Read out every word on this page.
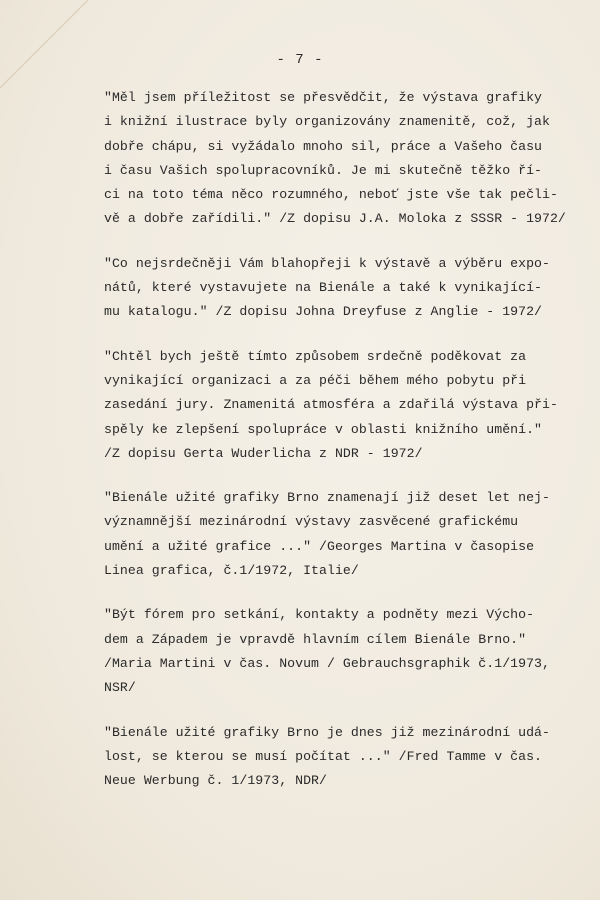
- 7 -
"Měl jsem příležitost se přesvědčit, že výstava grafiky
i knižní ilustrace byly organizovány znamenitě, což, jak
dobře chápu, si vyžádalo mnoho sil, práce a Vašeho času
i času Vašich spolupracovníků. Je mi skutečně těžko ří-
ci na toto téma něco rozumného, neboť jste vše tak pečli-
vě a dobře zařídili." /Z dopisu J.A. Moloka z SSSR - 1972/
"Co nejsrdečněji Vám blahopřeji k výstavě a výběru expo-
nátů, které vystavujete na Bienále a také k vynikající-
mu katalogu." /Z dopisu Johna Dreyfuse z Anglie - 1972/
"Chtěl bych ještě tímto způsobem srdečně poděkovat za
vynikající organizaci a za péči během mého pobytu při
zasedání jury. Znamenitá atmosféra a zdařilá výstava při-
spěly ke zlepšení spolupráce v oblasti knižního umění."
/Z dopisu Gerta Wuderlicha z NDR - 1972/
"Bienále užité grafiky Brno znamenají již deset let nej-
významnější mezinárodní výstavy zasvěcené grafickému
umění a užité grafice ..." /Georges Martina v časopise
Linea grafica, č.1/1972, Italie/
"Být fórem pro setkání, kontakty a podněty mezi Výcho-
dem a Západem je vpravdě hlavním cílem Bienále Brno."
/Maria Martini v čas. Novum / Gebrauchsgraphik č.1/1973,
NSR/
"Bienále užité grafiky Brno je dnes již mezinárodní udá-
lost, se kterou se musí počítat ..." /Fred Tamme v čas.
Neue Werbung č. 1/1973, NDR/
